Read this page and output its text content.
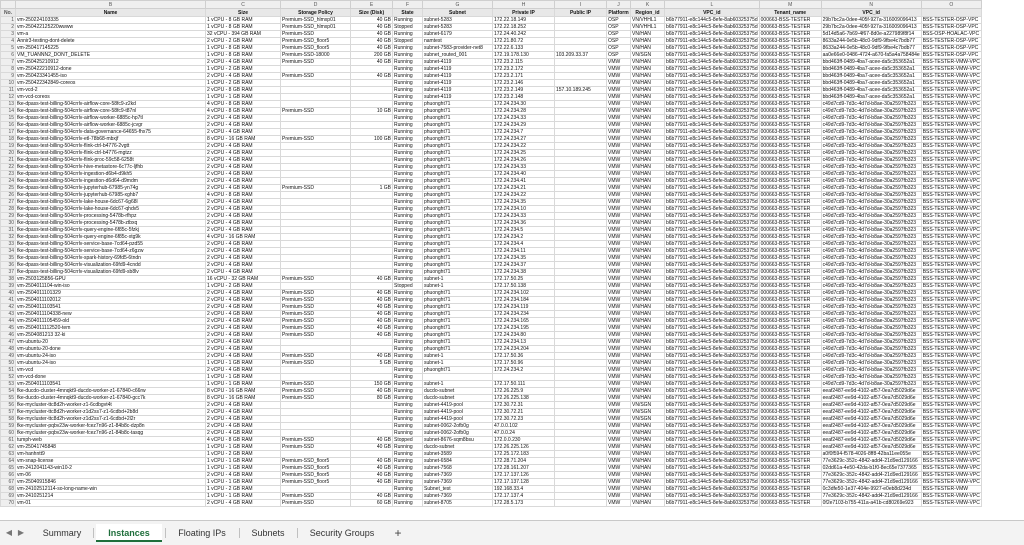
	B	C	D	E	F	G	H	I	J	K	L	M	N	O
No.	Name	Size	Storage Policy	Size (Disk)	State	Subnet	Private IP	Public IP	Platform	Region_id	VPC_id	Tenant_name	VPC_id	
1	vm-250224103335	1 vCPU - 8 GB RAM	Premium-SSD_hlmxp01	40 GB	Running	subnet-5283	172.22.18.149		OSP	VN/VHHL1	b6b77911-e8c144c5-8efe-8ab60325375d	000663-BSS-TESTER	29b7bc2a-0dee-405f-927a-316009096413	BSS-TESTER-OSP-VPC
2	vm-250422125220wwww	1 vCPU - 8 GB RAM	Premium-SSD_hlmxp01	40 GB	Stopped	subnet-5283	172.22.18.252		OSP	VN/VHHL1	b6b77911-e8c144c5-8efe-8ab60325375d	000663-BSS-TESTER	29b7bc2a-0dee-405f-927a-316009096413	BSS-TESTER-OSP-VPC
3	vm-a	32 vCPU - 394 GB RAM	Premium-SSD	40 GB	Running	subnet-6179	172.24.40.242		OSP	VN/HAN	b6b77911-e8c144c5-8efe-8ab60325375d	000663-BSS-TESTER	5d14d5a6-7b69-4f67-8d0e-a227989f8f14	BSS-OSP-HOALAC-VPC
4	Annir3-testing-dont-delete	2 vCPU - 2 GB RAM	Premium-SSD_floor5	40 GB	Stopped	namtest	172.21.80.72		OSP	VN/HAN	b6b77911-e8c144c5-8efe-8ab60325375d	000663-BSS-TESTER	8633a244-0e5b-48c0-9df9-9fbe4c7bdb77	BSS-TESTER-OSP-VPC
5	vm-250417145225	1 vCPU - 8 GB RAM	Premium-SSD_floor5	40 GB	Running	subnet-7583-provider-net8	172.22.6.133		OSP	VN/HAN	b6b77911-e8c144c5-8efe-8ab60325375d	000663-BSS-TESTER	8633a244-0e5b-48c0-9df9-9fbe4c7bdb77	BSS-TESTER-OSP-VPC
6	VM_TUANNN2_DONT_DELETE	1 vCPU - 8 GB RAM	Premium-SSD-18000	200 GB	Running	subnet_routed_001	172.19.178.130	103.209.33.37	OSP	VN/SGN	b6b77911-e8c144c5-8efe-8ab60325375d	000663-BSS-TESTER	aa0e66e0-0486-4724-a670-fa5a4a758484e	BSS-TESTER-OSP-VPC
7	vm-250425210912	2 vCPU - 4 GB RAM	Premium-SSD	40 GB	Running	subnet-4119	172.23.2.115		VMW	VN/HAN	b6b77911-e8c144c5-8efe-8ab60325375d	000663-BSS-TESTER	bbd463ff-0489-4ba7-acee-da5c353652a1	BSS-TESTER-VMW-VPC
8	vm-250422210912-done	1 vCPU - 2 GB RAM			Running	subnet-4119	172.23.2.172		VMW	VN/HAN	b6b77911-e8c144c5-8efe-8ab60325375d	000663-BSS-TESTER	bbd463ff-0489-4ba7-acee-da5c353652a1	BSS-TESTER-VMW-VPC
9	vm-250423341455-iso	2 vCPU - 4 GB RAM	Premium-SSD	40 GB	Running	subnet-4119	172.23.2.171		VMW	VN/HAN	b6b77911-e8c144c5-8efe-8ab60325375d	000663-BSS-TESTER	bbd463ff-0489-4ba7-acee-da5c353652a1	BSS-TESTER-VMW-VPC
10	vm-250422342849-coreos	1 vCPU - 2 GB RAM			Running	subnet-4119	172.23.2.146		VMW	VN/HAN	b6b77911-e8c144c5-8efe-8ab60325375d	000663-BSS-TESTER	bbd463ff-0489-4ba7-acee-da5c353652a1	BSS-TESTER-VMW-VPC
11	vm-vcd-2	2 vCPU - 8 GB RAM			Running	subnet-4119	172.23.2.149	157.10.189.245	VMW	VN/HAN	b6b77911-e8c144c5-8efe-8ab60325375d	000663-BSS-TESTER	bbd463ff-0489-4ba7-acee-da5c353652a1	BSS-TESTER-VMW-VPC
12	vm-vcd-coreos	1 vCPU - 1 GB RAM			Running	subnet-4119	172.23.2.148		VMW	VN/HAN	b6b77911-e8c144c5-8efe-8ab60325375d	000663-BSS-TESTER	bbd463ff-0489-4ba7-acee-da5c353652a1	BSS-TESTER-VMW-VPC
13	fke-dpass-test-billing-504crrlv-airflow-core-58fc9-z2kd	4 vCPU - 8 GB RAM			Running	phuonght71	172.24.234.30		VMW	VN/HAN	b6b77911-e8c144c5-8efe-8ab60325375d	000663-BSS-TESTER	c49d7cd9-7d3c-4d7d-b8ae-30a2597fb323	BSS-TESTER-VMW-VPC
14	fke-dpass-test-billing-504crrlv-airflow-core-58fc9-t87nl	4 vCPU - 8 GB RAM	Premium-SSD	10 GB	Running	phuonght71	172.24.234.28		VMW	VN/HAN	b6b77911-e8c144c5-8efe-8ab60325375d	000663-BSS-TESTER	c49d7cd9-7d3c-4d7d-b8ae-30a2597fb323	BSS-TESTER-VMW-VPC
15	fke-dpass-test-billing-504crrlv-airflow-worker-6885c-hp7tl	2 vCPU - 4 GB RAM			Running	phuonght71	172.24.234.33		VMW	VN/HAN	b6b77911-e8c144c5-8efe-8ab60325375d	000663-BSS-TESTER	c49d7cd9-7d3c-4d7d-b8ae-30a2597fb323	BSS-TESTER-VMW-VPC
16	fke-dpass-test-billing-504crrlv-airflow-worker-6885c-jcvgr	2 vCPU - 4 GB RAM			Running	phuonght71	172.24.234.29		VMW	VN/HAN	b6b77911-e8c144c5-8efe-8ab60325375d	000663-BSS-TESTER	c49d7cd9-7d3c-4d7d-b8ae-30a2597fb323	BSS-TESTER-VMW-VPC
17	fke-dpass-test-billing-504crrlv-data-governance-64655-fhx75	2 vCPU - 4 GB RAM			Running	phuonght71	172.24.234.7		VMW	VN/HAN	b6b77911-e8c144c5-8efe-8ab60325375d	000663-BSS-TESTER	c49d7cd9-7d3c-4d7d-b8ae-30a2597fb323	BSS-TESTER-VMW-VPC
18	fke-dpass-test-billing-504crrlv-etl-78b68-mbxjf	8 vCPU - 16 GB RAM	Premium-SSD	100 GB	Running	phuonght71	172.24.234.27		VMW	VN/HAN	b6b77911-e8c144c5-8efe-8ab60325375d	000663-BSS-TESTER	c49d7cd9-7d3c-4d7d-b8ae-30a2597fb323	BSS-TESTER-VMW-VPC
19	fke-dpass-test-billing-504crrlv-flink-ctrl-b4776-2vgtt	2 vCPU - 4 GB RAM			Running	phuonght71	172.24.234.22		VMW	VN/HAN	b6b77911-e8c144c5-8efe-8ab60325375d	000663-BSS-TESTER	c49d7cd9-7d3c-4d7d-b8ae-30a2597fb323	BSS-TESTER-VMW-VPC
20	fke-dpass-test-billing-504crrlv-flink-ctrl-b4776-mgtzz	2 vCPU - 4 GB RAM			Running	phuonght71	172.24.234.25		VMW	VN/HAN	b6b77911-e8c144c5-8efe-8ab60325375d	000663-BSS-TESTER	c49d7cd9-7d3c-4d7d-b8ae-30a2597fb323	BSS-TESTER-VMW-VPC
21	fke-dpass-test-billing-504crrlv-flink-proc-59c58-6258t	2 vCPU - 4 GB RAM			Running	phuonght71	172.24.234.26		VMW	VN/HAN	b6b77911-e8c144c5-8efe-8ab60325375d	000663-BSS-TESTER	c49d7cd9-7d3c-4d7d-b8ae-30a2597fb323	BSS-TESTER-VMW-VPC
22	fke-dpass-test-billing-504crrlv-hive-metastore-6c77c-ljfhb	2 vCPU - 4 GB RAM			Running	phuonght71	172.24.234.33		VMW	VN/HAN	b6b77911-e8c144c5-8efe-8ab60325375d	000663-BSS-TESTER	c49d7cd9-7d3c-4d7d-b8ae-30a2597fb323	BSS-TESTER-VMW-VPC
23	fke-dpass-test-billing-504crrlv-ingestion-d6b4-d9kh5	2 vCPU - 4 GB RAM			Running	phuonght71	172.24.234.40		VMW	VN/HAN	b6b77911-e8c144c5-8efe-8ab60325375d	000663-BSS-TESTER	c49d7cd9-7d3c-4d7d-b8ae-30a2597fb323	BSS-TESTER-VMW-VPC
24	fke-dpass-test-billing-504crrlv-ingestion-d6d64-d9mdm	2 vCPU - 4 GB RAM			Running	phuonght71	172.24.234.41		VMW	VN/HAN	b6b77911-e8c144c5-8efe-8ab60325375d	000663-BSS-TESTER	c49d7cd9-7d3c-4d7d-b8ae-30a2597fb323	BSS-TESTER-VMW-VPC
25	fke-dpass-test-billing-504crrlv-jupyterhub-67985-yn74g	2 vCPU - 4 GB RAM	Premium-SSD	1 GB	Running	phuonght71	172.24.234.21		VMW	VN/HAN	b6b77911-e8c144c5-8efe-8ab60325375d	000663-BSS-TESTER	c49d7cd9-7d3c-4d7d-b8ae-30a2597fb323	BSS-TESTER-VMW-VPC
26	fke-dpass-test-billing-504crrlv-jupyterhub-67985-xghb7	4 vCPU - 8 GB RAM			Running	phuonght71	172.24.234.22		VMW	VN/HAN	b6b77911-e8c144c5-8efe-8ab60325375d	000663-BSS-TESTER	c49d7cd9-7d3c-4d7d-b8ae-30a2597fb323	BSS-TESTER-VMW-VPC
27	fke-dpass-test-billing-504crrlv-lake-house-6dc67-6g68l	2 vCPU - 4 GB RAM			Running	phuonght71	172.24.234.35		VMW	VN/HAN	b6b77911-e8c144c5-8efe-8ab60325375d	000663-BSS-TESTER	c49d7cd9-7d3c-4d7d-b8ae-30a2597fb323	BSS-TESTER-VMW-VPC
28	fke-dpass-test-billing-504crrlv-lake-house-6dc67-qhdv5	2 vCPU - 4 GB RAM			Running	phuonght71	172.24.234.10		VMW	VN/HAN	b6b77911-e8c144c5-8efe-8ab60325375d	000663-BSS-TESTER	c49d7cd9-7d3c-4d7d-b8ae-30a2597fb323	BSS-TESTER-VMW-VPC
29	fke-dpass-test-billing-504crrlv-processing-5478b-rfhpz	2 vCPU - 4 GB RAM			Running	phuonght71	172.24.234.33		VMW	VN/HAN	b6b77911-e8c144c5-8efe-8ab60325375d	000663-BSS-TESTER	c49d7cd9-7d3c-4d7d-b8ae-30a2597fb323	BSS-TESTER-VMW-VPC
30	fke-dpass-test-billing-504crrlv-processing-5478b-ztbxq	2 vCPU - 4 GB RAM			Running	phuonght71	172.24.234.36		VMW	VN/HAN	b6b77911-e8c144c5-8efe-8ab60325375d	000663-BSS-TESTER	c49d7cd9-7d3c-4d7d-b8ae-30a2597fb323	BSS-TESTER-VMW-VPC
31	fke-dpass-test-billing-504crrlv-query-engine-6f85c-5fzkj	2 vCPU - 4 GB RAM			Running	phuonght71	172.24.234.5		VMW	VN/HAN	b6b77911-e8c144c5-8efe-8ab60325375d	000663-BSS-TESTER	c49d7cd9-7d3c-4d7d-b8ae-30a2597fb323	BSS-TESTER-VMW-VPC
32	fke-dpass-test-billing-504crrlv-query-engine-6f85c-xtg9k	4 vCPU - 16 GB RAM			Running	phuonght71	172.24.234.2		VMW	VN/HAN	b6b77911-e8c144c5-8efe-8ab60325375d	000663-BSS-TESTER	c49d7cd9-7d3c-4d7d-b8ae-30a2597fb323	BSS-TESTER-VMW-VPC
33	fke-dpass-test-billing-504crrlv-service-base-7cd64-pzd55	2 vCPU - 4 GB RAM			Running	phuonght71	172.24.234.4		VMW	VN/HAN	b6b77911-e8c144c5-8efe-8ab60325375d	000663-BSS-TESTER	c49d7cd9-7d3c-4d7d-b8ae-30a2597fb323	BSS-TESTER-VMW-VPC
34	fke-dpass-test-billing-504crrlv-service-base-7cd64-z6gzw	2 vCPU - 4 GB RAM			Running	phuonght71	172.24.234.11		VMW	VN/HAN	b6b77911-e8c144c5-8efe-8ab60325375d	000663-BSS-TESTER	c49d7cd9-7d3c-4d7d-b8ae-30a2597fb323	BSS-TESTER-VMW-VPC
35	fke-dpass-test-billing-504crrlv-spark-history-69fd5-6tndn	2 vCPU - 4 GB RAM			Running	phuonght71	172.24.234.35		VMW	VN/HAN	b6b77911-e8c144c5-8efe-8ab60325375d	000663-BSS-TESTER	c49d7cd9-7d3c-4d7d-b8ae-30a2597fb323	BSS-TESTER-VMW-VPC
36	fke-dpass-test-billing-504crrlv-visualization-69fd9-4cndd	2 vCPU - 4 GB RAM			Running	phuonght71	172.24.234.37		VMW	VN/HAN	b6b77911-e8c144c5-8efe-8ab60325375d	000663-BSS-TESTER	c49d7cd9-7d3c-4d7d-b8ae-30a2597fb323	BSS-TESTER-VMW-VPC
37	fke-dpass-test-billing-504crrlv-visualization-69fd9-sb8lv	2 vCPU - 4 GB RAM			Running	phuonght71	172.24.234.38		VMW	VN/HAN	b6b77911-e8c144c5-8efe-8ab60325375d	000663-BSS-TESTER	c49d7cd9-7d3c-4d7d-b8ae-30a2597fb323	BSS-TESTER-VMW-VPC
38	vm-2503125856-GPU	16 vCPU - 32 GB RAM	Premium-SSD	40 GB	Running	subnet-1	172.17.50.25		VMW	VN/HAN	b6b77911-e8c144c5-8efe-8ab60325375d	000663-BSS-TESTER	c49d7cd9-7d3c-4d7d-b8ae-30a2597fb323	BSS-TESTER-VMW-VPC
39	vm-2504011104-win-iso	1 vCPU - 2 GB RAM			Stopped	subnet-1	172.17.50.138		VMW	VN/HAN	b6b77911-e8c144c5-8efe-8ab60325375d	000663-BSS-TESTER	c49d7cd9-7d3c-4d7d-b8ae-30a2597fb323	BSS-TESTER-VMW-VPC
40	vm-2504011101329	2 vCPU - 4 GB RAM	Premium-SSD	40 GB	Running	phuonght71	172.24.234.102		VMW	VN/HAN	b6b77911-e8c144c5-8efe-8ab60325375d	000663-BSS-TESTER	c49d7cd9-7d3c-4d7d-b8ae-30a2597fb323	BSS-TESTER-VMW-VPC
41	vm-2504011102012	2 vCPU - 4 GB RAM	Premium-SSD	40 GB	Running	phuonght71	172.24.234.184		VMW	VN/HAN	b6b77911-e8c144c5-8efe-8ab60325375d	000663-BSS-TESTER	c49d7cd9-7d3c-4d7d-b8ae-30a2597fb323	BSS-TESTER-VMW-VPC
42	vm-2504011103541	2 vCPU - 4 GB RAM	Premium-SSD	40 GB	Running	phuonght71	172.24.234.119		VMW	VN/HAN	b6b77911-e8c144c5-8efe-8ab60325375d	000663-BSS-TESTER	c49d7cd9-7d3c-4d7d-b8ae-30a2597fb323	BSS-TESTER-VMW-VPC
43	vm-2504011104338-new	2 vCPU - 4 GB RAM	Premium-SSD	40 GB	Running	phuonght71	172.24.234.234		VMW	VN/HAN	b6b77911-e8c144c5-8efe-8ab60325375d	000663-BSS-TESTER	c49d7cd9-7d3c-4d7d-b8ae-30a2597fb323	BSS-TESTER-VMW-VPC
44	vm-2504011105459-old	2 vCPU - 4 GB RAM	Premium-SSD	40 GB	Running	phuonght71	172.24.234.165		VMW	VN/HAN	b6b77911-e8c144c5-8efe-8ab60325375d	000663-BSS-TESTER	c49d7cd9-7d3c-4d7d-b8ae-30a2597fb323	BSS-TESTER-VMW-VPC
45	vm-2504011112520-tem	2 vCPU - 4 GB RAM	Premium-SSD	40 GB	Running	phuonght71	172.24.234.195		VMW	VN/HAN	b6b77911-e8c144c5-8efe-8ab60325375d	000663-BSS-TESTER	c49d7cd9-7d3c-4d7d-b8ae-30a2597fb323	BSS-TESTER-VMW-VPC
46	vm-2504081213 32-ki	2 vCPU - 4 GB RAM	Premium-SSD	40 GB	Running	phuonght71	172.24.234.80		VMW	VN/HAN	b6b77911-e8c144c5-8efe-8ab60325375d	000663-BSS-TESTER	c49d7cd9-7d3c-4d7d-b8ae-30a2597fb323	BSS-TESTER-VMW-VPC
47	vm-ubuntu-20	2 vCPU - 4 GB RAM			Running	phuonght71	172.24.234.13		VMW	VN/HAN	b6b77911-e8c144c5-8efe-8ab60325375d	000663-BSS-TESTER	c49d7cd9-7d3c-4d7d-b8ae-30a2597fb323	BSS-TESTER-VMW-VPC
48	vm-ubuntu-20-done	2 vCPU - 4 GB RAM			Running	phuonght71	172.24.234.204		VMW	VN/HAN	b6b77911-e8c144c5-8efe-8ab60325375d	000663-BSS-TESTER	c49d7cd9-7d3c-4d7d-b8ae-30a2597fb323	BSS-TESTER-VMW-VPC
49	vm-ubuntu-24-iso	2 vCPU - 4 GB RAM	Premium-SSD	40 GB	Running	subnet-1	172.17.50.36		VMW	VN/HAN	b6b77911-e8c144c5-8efe-8ab60325375d	000663-BSS-TESTER	c49d7cd9-7d3c-4d7d-b8ae-30a2597fb323	BSS-TESTER-VMW-VPC
50	vm-ubuntu-24-iso	1 vCPU - 1 GB RAM	Premium-SSD	5 GB	Running	subnet-1	172.17.50.96		VMW	VN/HAN	b6b77911-e8c144c5-8efe-8ab60325375d	000663-BSS-TESTER	c49d7cd9-7d3c-4d7d-b8ae-30a2597fb323	BSS-TESTER-VMW-VPC
51	vm-vcd	2 vCPU - 4 GB RAM			Running	phuonght71	172.24.234.2		VMW	VN/HAN	b6b77911-e8c144c5-8efe-8ab60325375d	000663-BSS-TESTER	c49d7cd9-7d3c-4d7d-b8ae-30a2597fb323	BSS-TESTER-VMW-VPC
52	vm-vcd-done	1 vCPU - 1 GB RAM			Running				VMW	VN/HAN	b6b77911-e8c144c5-8efe-8ab60325375d	000663-BSS-TESTER	c49d7cd9-7d3c-4d7d-b8ae-30a2597fb323	BSS-TESTER-VMW-VPC
53	vm-2504011103541	1 vCPU - 1 GB RAM	Premium-SSD	150 GB	Running	subnet-1	172.17.50.111		VMW	VN/HAN	b6b77911-e8c144c5-8efe-8ab60325375d	000663-BSS-TESTER	c49d7cd9-7d3c-4d7d-b8ae-30a2597fb323	BSS-TESTER-VMW-VPC
54	fke-ducdo-cluster-4mnqkt9-ducdo-worker-z1-67840-c66rw	8 vCPU - 16 GB RAM	Premium-SSD	40 GB	Running	ducdo-subnet	172.26.225.9		VMW	VN/HAN	b6b77911-e8c144c5-8efe-8ab60325375d	000663-BSS-TESTER	eeaf2487-ee9d-4102-af57-0ea7d5029d6e	BSS-TESTER-VMW-VPC
55	fke-ducdo-cluster-4mnqkt9-ducdo-worker-z1-67840-gcc7k	8 vCPU - 16 GB RAM	Premium-SSD	80 GB	Running	ducdo-subnet	172.26.225.138		VMW	VN/HAN	b6b77911-e8c144c5-8efe-8ab60325375d	000663-BSS-TESTER	eeaf2487-ee9d-4102-af57-0ea7d5029d6e	BSS-TESTER-VMW-VPC
56	fke-mycluster-ttc8d2h-worker-z1-6cdbgvt4t	2 vCPU - 4 GB RAM			Running	subnet-4419-pool	172.30.72.31		VMW	VN/SGN	b6b77911-e8c144c5-8efe-8ab60325375d	000663-BSS-TESTER	eeaf2487-ee9d-4102-af57-0ea7d5029d6e	BSS-TESTER-VMW-VPC
57	fke-mycluster-ttc8d2h-worker-z1d2ss7-z1-6cdbd+2b8d	2 vCPU - 4 GB RAM			Running	subnet-4419-pool	172.30.72.21		VMW	VN/SGN	b6b77911-e8c144c5-8efe-8ab60325375d	000663-BSS-TESTER	eeaf2487-ee9d-4102-af57-0ea7d5029d6e	BSS-TESTER-VMW-VPC
58	fke-mycluster-ttc8d2h-worker-z1d2ss7-z1-6cdbd+2l2r	2 vCPU - 4 GB RAM			Running	subnet-4419-pool	172.30.72.23		VMW	VN/SGN	b6b77911-e8c144c5-8efe-8ab60325375d	000663-BSS-TESTER	eeaf2487-ee9d-4102-af57-0ea7d5029d6e	BSS-TESTER-VMW-VPC
59	fke-mycluster-pqbv23w-worker-fcez7n96-z1-84b8c-dzp8n	2 vCPU - 4 GB RAM			Running	subnet-0062-2ofb0g	47.0.0.102		VMW	VN/HAN	b6b77911-e8c144c5-8efe-8ab60325375d	000663-BSS-TESTER	eeaf2487-ee9d-4102-af57-0ea7d5029d6e	BSS-TESTER-VMW-VPC
60	fke-mycluster-pqbv23w-worker-fcez7n96-z1-84b8c-tasqg	2 vCPU - 4 GB RAM			Running	subnet-0062-2ofb0g	47.0.0.24		VMW	VN/HAN	b6b77911-e8c144c5-8efe-8ab60325375d	000663-BSS-TESTER	eeaf2487-ee9d-4102-af57-0ea7d5029d6e	BSS-TESTER-VMW-VPC
61	tumph-web	4 vCPU - 8 GB RAM	Premium-SSD	40 GB	Stopped	subnet-8676-sqm8bsu	172.0.0.230		VMW	VN/HAN	b6b77911-e8c144c5-8efe-8ab60325375d	000663-BSS-TESTER	eeaf2487-ee9d-4102-af57-0ea7d5029d6e	BSS-TESTER-VMW-VPC
62	vm-25041745848	1 vCPU - 1 GB RAM	Premium-SSD	40 GB	Running	ducdo-subnet	172.26.225.126		VMW	VN/HAN	b6b77911-e8c144c5-8efe-8ab60325375d	000663-BSS-TESTER	eeaf2487-ee9d-4102-af57-0ea7d5029d6e	BSS-TESTER-VMW-VPC
63	vm-hanhntt9	1 vCPU - 2 GB RAM			Running	subnet-3589	172.25.172.183		VMW	VN/HAN	b6b77911-e8c144c5-8efe-8ab60325375d	000663-BSS-TESTER	a0f0f594-f578-4026-8ff8-42ba11ee055e	BSS-TESTER-VMW-VPC
64	vm-snap-license	1 vCPU - 1 GB RAM	Premium-SSD_floor5	40 GB	Running	subnet-6584	172.28.71.204		VMW	VN/HAN	b6b77911-e8c144c5-8efe-8ab60325375d	000663-BSS-TESTER	77e3629c-352c-4842-add4-21d9ed129166	BSS-TESTER-VMW-VPC
65	vm-2412041143-win10-2	1 vCPU - 1 GB RAM	Premium-SSD_floor5	40 GB	Running	subnet-7568	172.28.161.207		VMW	VN/HAN	b6b77911-e8c144c5-8efe-8ab60325375d	000663-BSS-TESTER	02dd61a-4e50-42da-b1f0-8ec65e7377365	BSS-TESTER-VMW-VPC
66	vm-06	2 vCPU - 4 GB RAM	Premium-SSD_floor5	40 GB	Running	subnet-7369	172.17.137.126		VMW	VN/HAN	b6b77911-e8c144c5-8efe-8ab60325375d	000663-BSS-TESTER	77e3629c-352c-4842-add4-21d9ed129166	BSS-TESTER-VMW-VPC
67	vm-25040915846	1 vCPU - 1 GB RAM	Premium-SSD_floor5	40 GB	Running	subnet-7369	172.17.137.128		VMW	VN/HAN	b6b77911-e8c144c5-8efe-8ab60325375d	000663-BSS-TESTER	77e3629c-352c-4842-add4-21d9ed129166	BSS-TESTER-VMW-VPC
68	vm-24102512114-so-long-name-win	1 vCPU - 2 GB RAM			Running	Subnet_test	192.168.33.4		VMW	VN/HAN	b6b77911-e8c144c5-8efe-8ab60325375d	000663-BSS-TESTER	0c3dfe50-1e37-404e-9927-e0eb8d234d	BSS-TESTER-VMW
69	vm-2410251214	1 vCPU - 1 GB RAM	Premium-SSD	40 GB	Running	subnet-7369	172.17.137.4		VMW	VN/HAN	b6b77911-e8c144c5-8efe-8ab60325375d	000663-BSS-TESTER	77e3629c-352c-4842-add4-21d9ed129166	BSS-TESTER-VMW-VPC
70	vm-01	2 vCPU - 4 GB RAM	Premium-SSD	60 GB	Running	subnet-8705	172.28.5.173		VMW	VN/HAN	b6b77911-e8c144c5-8efe-8ab60325375d	000663-BSS-TESTER	0f2e7103-b755-411a-a41b-cd80269e923	BSS-TESTER-VMW-VPC
◀ ▶	Summary	Instances	Floating IPs	Subnets	Security Groups	+
